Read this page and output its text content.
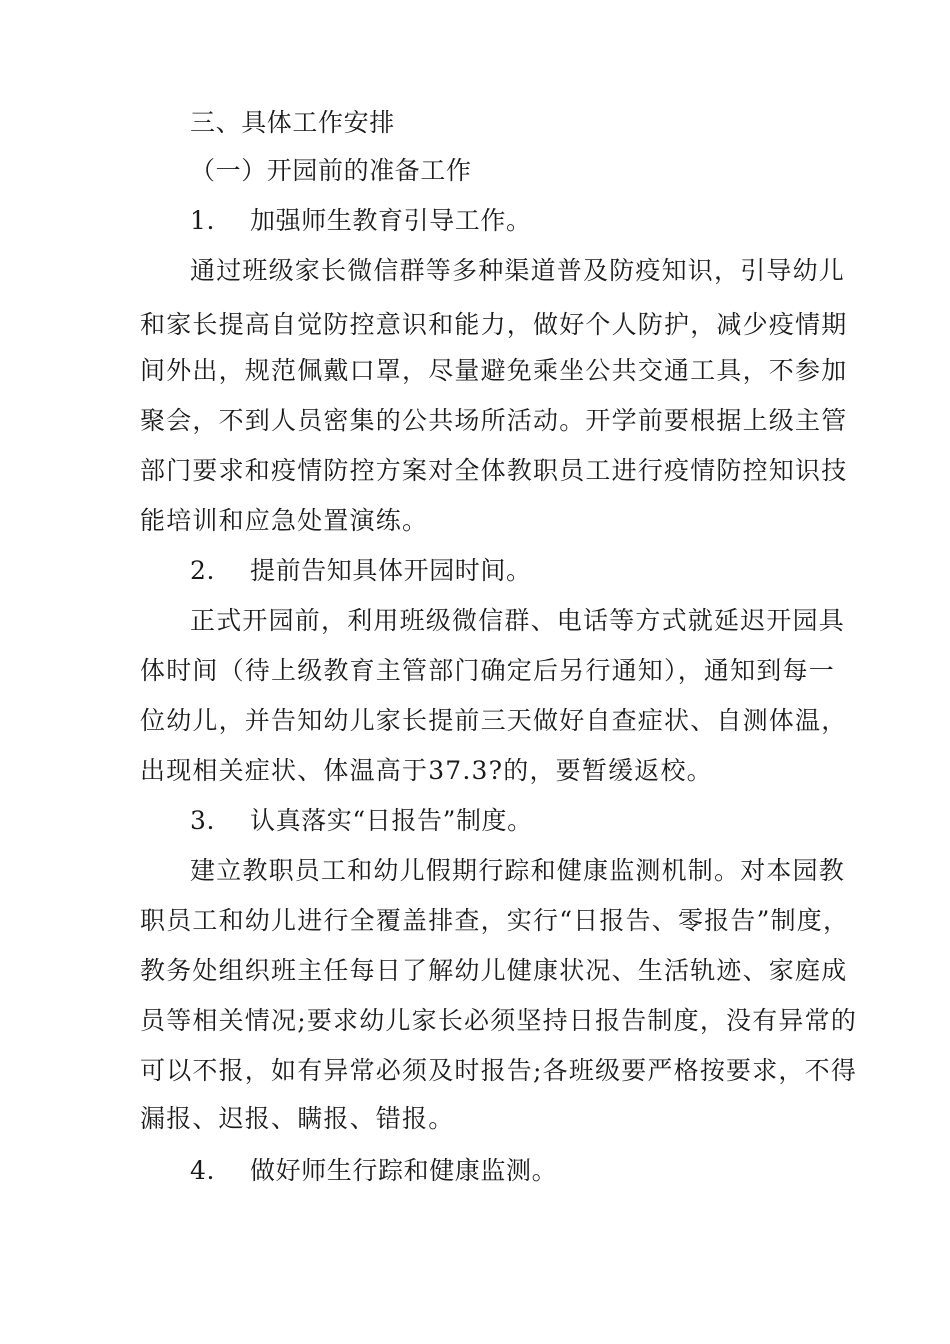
三、具体工作安排
（一）开园前的准备工作
1. 加强师生教育引导工作。
通过班级家长微信群等多种渠道普及防疫知识，引导幼儿
和家长提高自觉防控意识和能力，做好个人防护，减少疫情期
间外出，规范佩戴口罩，尽量避免乘坐公共交通工具，不参加
聚会，不到人员密集的公共场所活动。开学前要根据上级主管
部门要求和疫情防控方案对全体教职员工进行疫情防控知识技
能培训和应急处置演练。
2. 提前告知具体开园时间。
正式开园前，利用班级微信群、电话等方式就延迟开园具
体时间（待上级教育主管部门确定后另行通知），通知到每一
位幼儿，并告知幼儿家长提前三天做好自查症状、自测体温，
出现相关症状、体温高于37.3?的，要暂缓返校。
3. 认真落实“日报告”制度。
建立教职员工和幼儿假期行踪和健康监测机制。对本园教
职员工和幼儿进行全覆盖排查，实行“日报告、零报告”制度，
教务处组织班主任每日了解幼儿健康状况、生活轨迹、家庭成
员等相关情况;要求幼儿家长必须坚持日报告制度，没有异常的
可以不报，如有异常必须及时报告;各班级要严格按要求，不得
漏报、迟报、瞒报、错报。
4. 做好师生行踪和健康监测。
